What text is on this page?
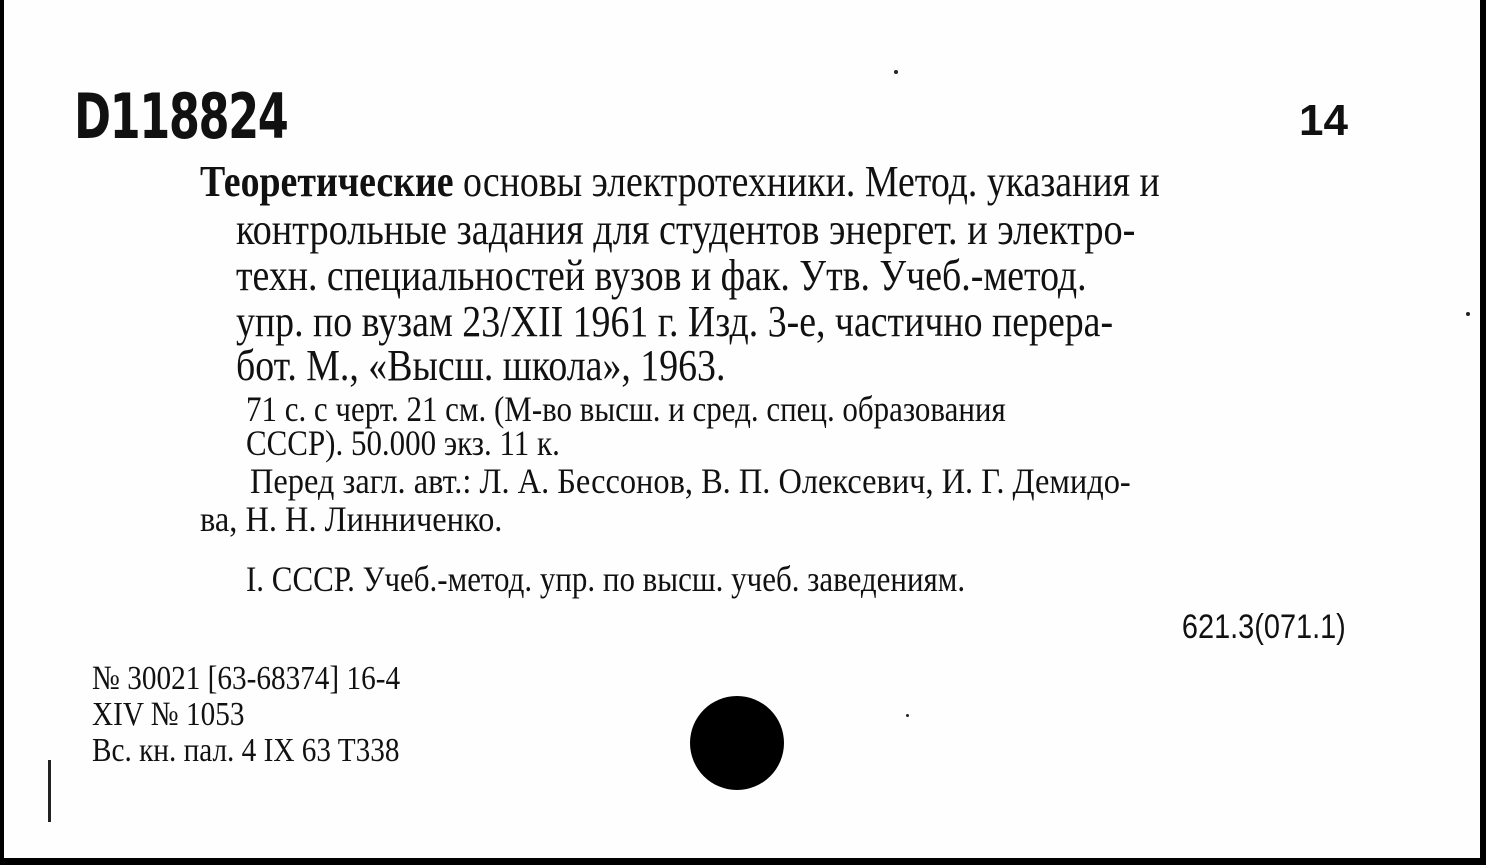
D118824	14
Теоретические основы электротехники. Метод. указания и
контрольные задания для студентов энергет. и электро-
техн. специальностей вузов и фак. Утв. Учеб.-метод.
упр. по вузам 23/XII 1961 г. Изд. 3-е, частично перера-
бот. М., «Высш. школа», 1963.
71 с. с черт. 21 см. (М-во высш. и сред. спец. образования
СССР). 50.000 экз. 11 к.
Перед загл. авт.: Л. А. Бессонов, В. П. Олексевич, И. Г. Демидо-
ва, Н. Н. Линниченко.
I. СССР. Учеб.-метод. упр. по высш. учеб. заведениям.
621.3(071.1)
№ 30021 [63-68374] 16-4
XIV № 1053
Вс. кн. пал. 4 IX 63 T338
